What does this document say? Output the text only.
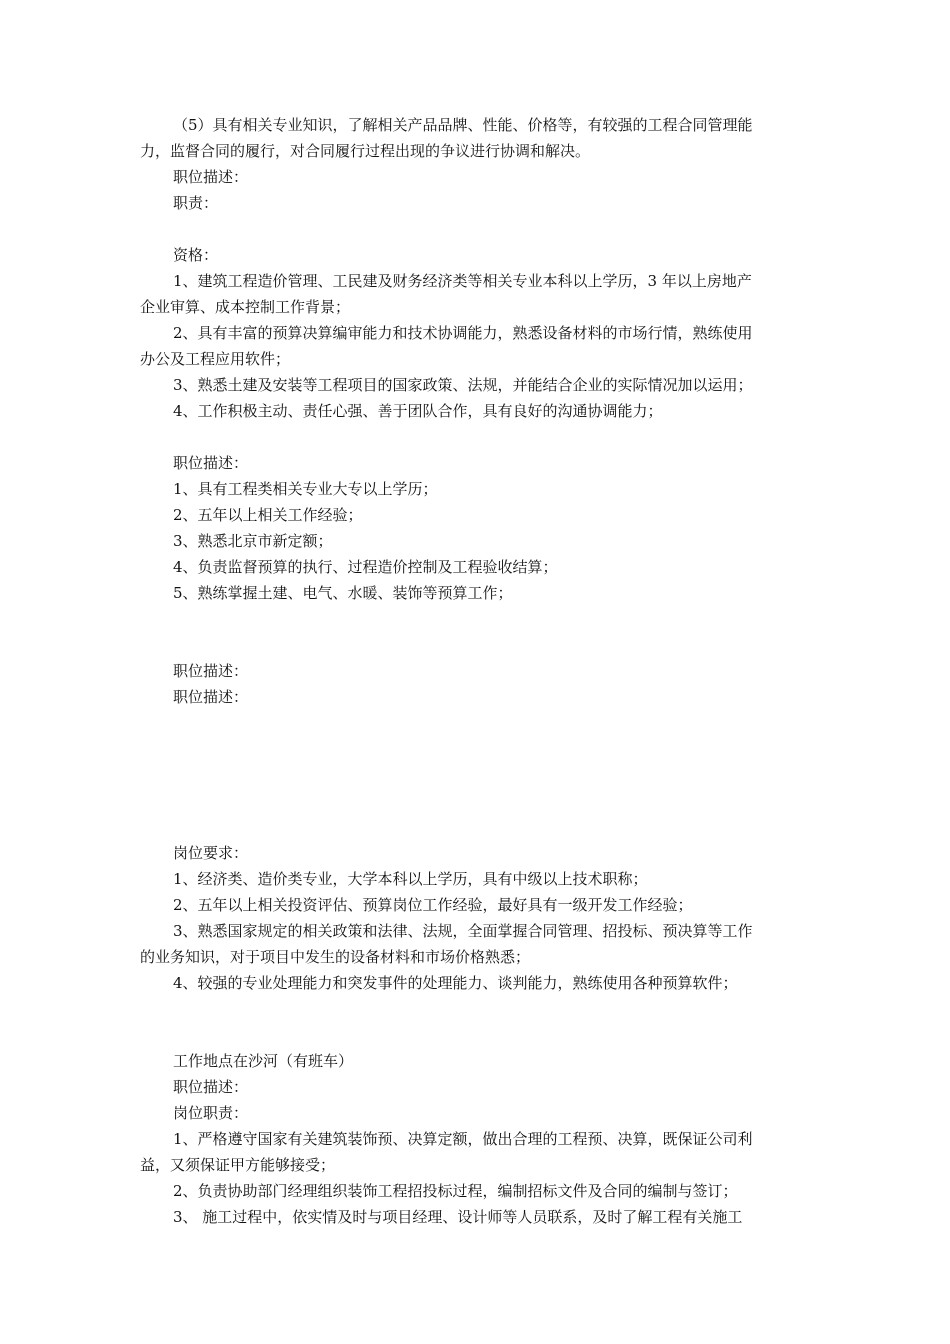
（5）具有相关专业知识，了解相关产品品牌、性能、价格等，有较强的工程合同管理能
力，监督合同的履行，对合同履行过程出现的争议进行协调和解决。
职位描述：
职责：
资格：
1、建筑工程造价管理、工民建及财务经济类等相关专业本科以上学历，3 年以上房地产
企业审算、成本控制工作背景；
2、具有丰富的预算决算编审能力和技术协调能力，熟悉设备材料的市场行情，熟练使用
办公及工程应用软件；
3、熟悉土建及安装等工程项目的国家政策、法规，并能结合企业的实际情况加以运用；
4、工作积极主动、责任心强、善于团队合作，具有良好的沟通协调能力；
职位描述：
1、具有工程类相关专业大专以上学历；
2、五年以上相关工作经验；
3、熟悉北京市新定额；
4、负责监督预算的执行、过程造价控制及工程验收结算；
5、熟练掌握土建、电气、水暖、装饰等预算工作；
职位描述：
职位描述：
岗位要求：
1、经济类、造价类专业，大学本科以上学历，具有中级以上技术职称；
2、五年以上相关投资评估、预算岗位工作经验，最好具有一级开发工作经验；
3、熟悉国家规定的相关政策和法律、法规，全面掌握合同管理、招投标、预决算等工作
的业务知识，对于项目中发生的设备材料和市场价格熟悉；
4、较强的专业处理能力和突发事件的处理能力、谈判能力，熟练使用各种预算软件；
工作地点在沙河（有班车）
职位描述：
岗位职责：
1、严格遵守国家有关建筑装饰预、决算定额，做出合理的工程预、决算，既保证公司利
益，又须保证甲方能够接受；
2、负责协助部门经理组织装饰工程招投标过程，编制招标文件及合同的编制与签订；
3、 施工过程中，依实情及时与项目经理、设计师等人员联系，及时了解工程有关施工
